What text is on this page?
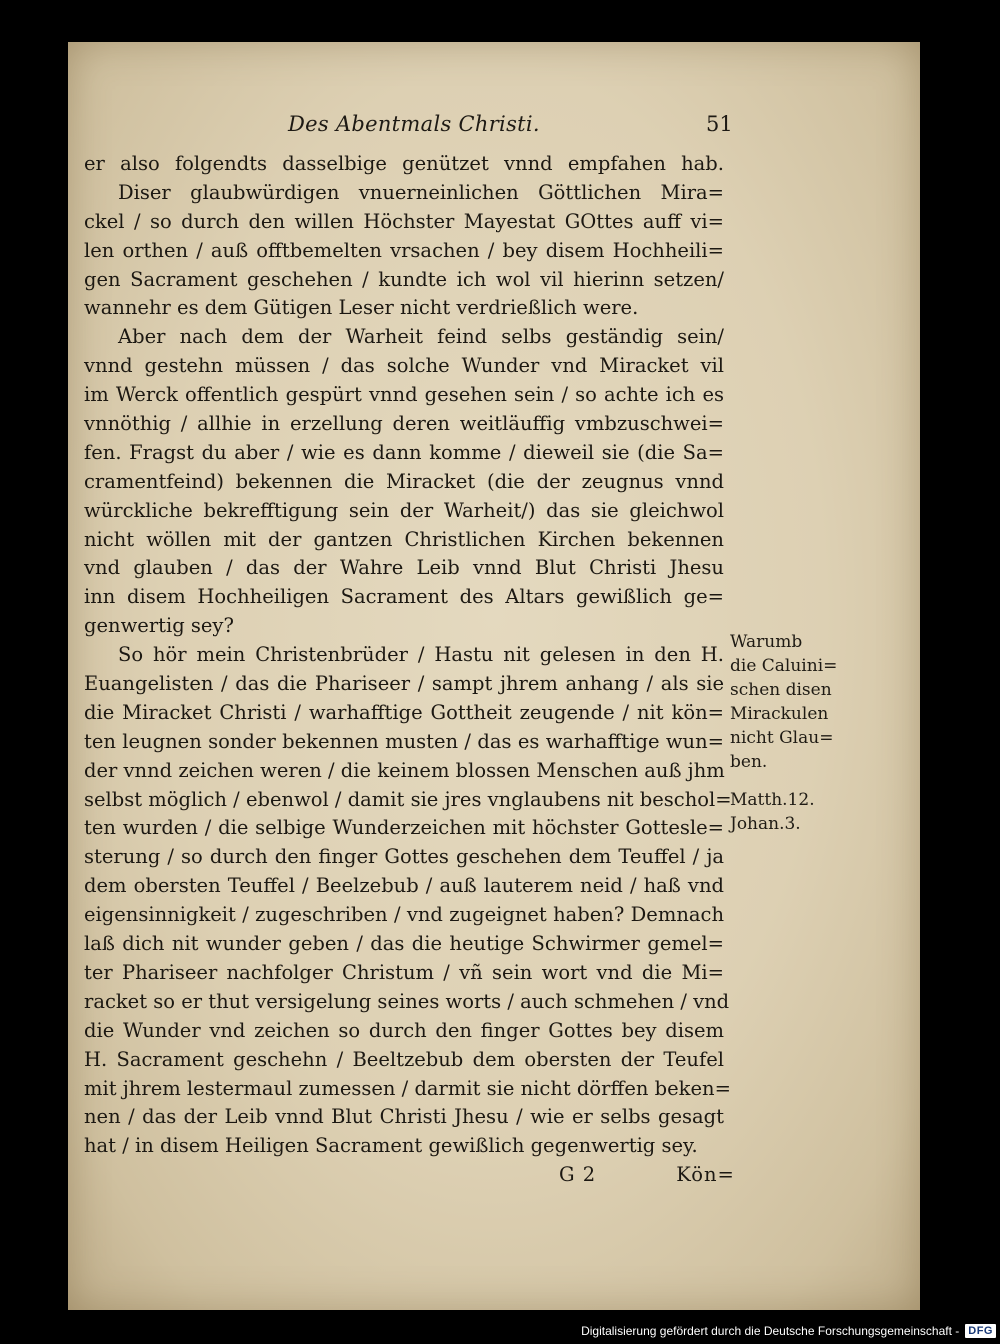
Des Abentmals Christi.	51
er also folgendts dasselbige genützet vnnd empfahen hab.
Diser glaubwürdigen vnuerneinlichen Göttlichen Mira=
ckel / so durch den willen Höchster Mayestat GOttes auff vi=
len orthen / auß offtbemelten vrsachen / bey disem Hochheili=
gen Sacrament geschehen / kundte ich wol vil hierinn setzen/
wannehr es dem Gütigen Leser nicht verdrießlich were.
Aber nach dem der Warheit feind selbs geständig sein/
vnnd gestehn müssen / das solche Wunder vnd Miracket vil
im Werck offentlich gespürt vnnd gesehen sein / so achte ich es
vnnöthig / allhie in erzellung deren weitläuffig vmbzuschwei=
fen. Fragst du aber / wie es dann komme / dieweil sie (die Sa=
cramentfeind) bekennen die Miracket (die der zeugnus vnnd
würckliche bekrefftigung sein der Warheit/) das sie gleichwol
nicht wöllen mit der gantzen Christlichen Kirchen bekennen
vnd glauben / das der Wahre Leib vnnd Blut Christi Jhesu
inn disem Hochheiligen Sacrament des Altars gewißlich ge=
genwertig sey?
So hör mein Christenbrüder / Hastu nit gelesen in den H.
Euangelisten / das die Phariseer / sampt jhrem anhang / als sie
die Miracket Christi / warhafftige Gottheit zeugende / nit kön=
ten leugnen sonder bekennen musten / das es warhafftige wun=
der vnnd zeichen weren / die keinem blossen Menschen auß jhm
selbst möglich / ebenwol / damit sie jres vnglaubens nit beschol=
ten wurden / die selbige Wunderzeichen mit höchster Gottesle=
sterung / so durch den finger Gottes geschehen dem Teuffel / ja
dem obersten Teuffel / Beelzebub / auß lauterem neid / haß vnd
eigensinnigkeit / zugeschriben / vnd zugeignet haben? Demnach
laß dich nit wunder geben / das die heutige Schwirmer gemel=
ter Phariseer nachfolger Christum / vñ sein wort vnd die Mi=
racket so er thut versigelung seines worts / auch schmehen / vnd
die Wunder vnd zeichen so durch den finger Gottes bey disem
H. Sacrament geschehn / Beeltzebub dem obersten der Teufel
mit jhrem lestermaul zumessen / darmit sie nicht dörffen beken=
nen / das der Leib vnnd Blut Christi Jhesu / wie er selbs gesagt
hat / in disem Heiligen Sacrament gewißlich gegenwertig sey.
G 2	Kön=
Warumb
die Caluini=
schen disen
Mirackulen
nicht Glau=
ben.
Matth.12.
Johan.3.
Digitalisierung gefördert durch die Deutsche Forschungsgemeinschaft - DFG
